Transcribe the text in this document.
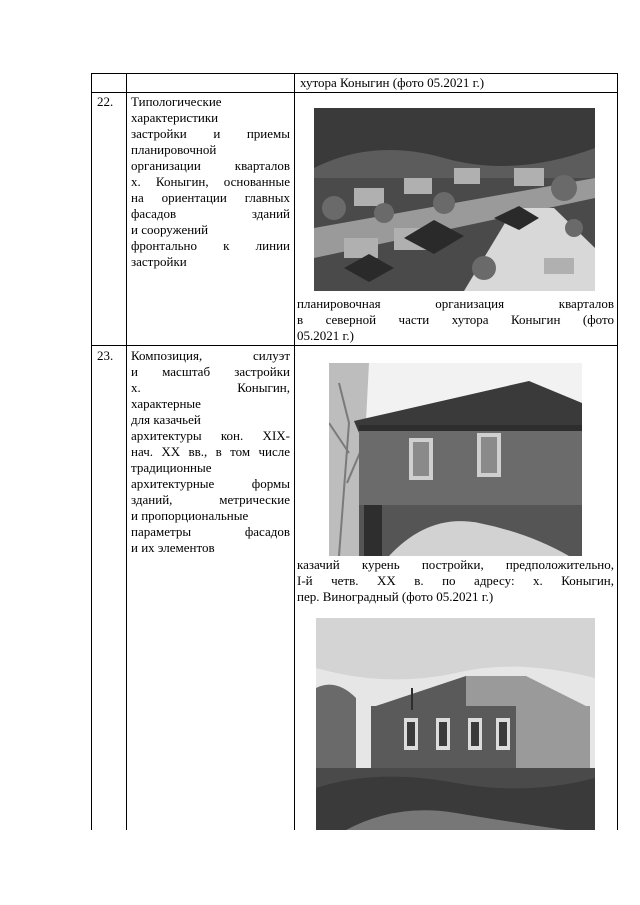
хутора Коныгин (фото 05.2021 г.)
22.	Типологические
характеристики
застройки и приемы
планировочной
организации кварталов
х. Коныгин, основанные
на ориентации главных
фасадов зданий
и сооружений
фронтально к линии
застройки
планировочная организация кварталов
в северной части хутора Коныгин (фото
05.2021 г.)
23.	Композиция, силуэт
и масштаб застройки
х. Коныгин,
характерные
для казачьей
архитектуры кон. XIX-
нач. XX вв., в том числе
традиционные
архитектурные формы
зданий, метрические
и пропорциональные
параметры фасадов
и их элементов
казачий курень постройки, предположительно,
I-й четв. XX в. по адресу: х. Коныгин,
пер. Виноградный (фото 05.2021 г.)
